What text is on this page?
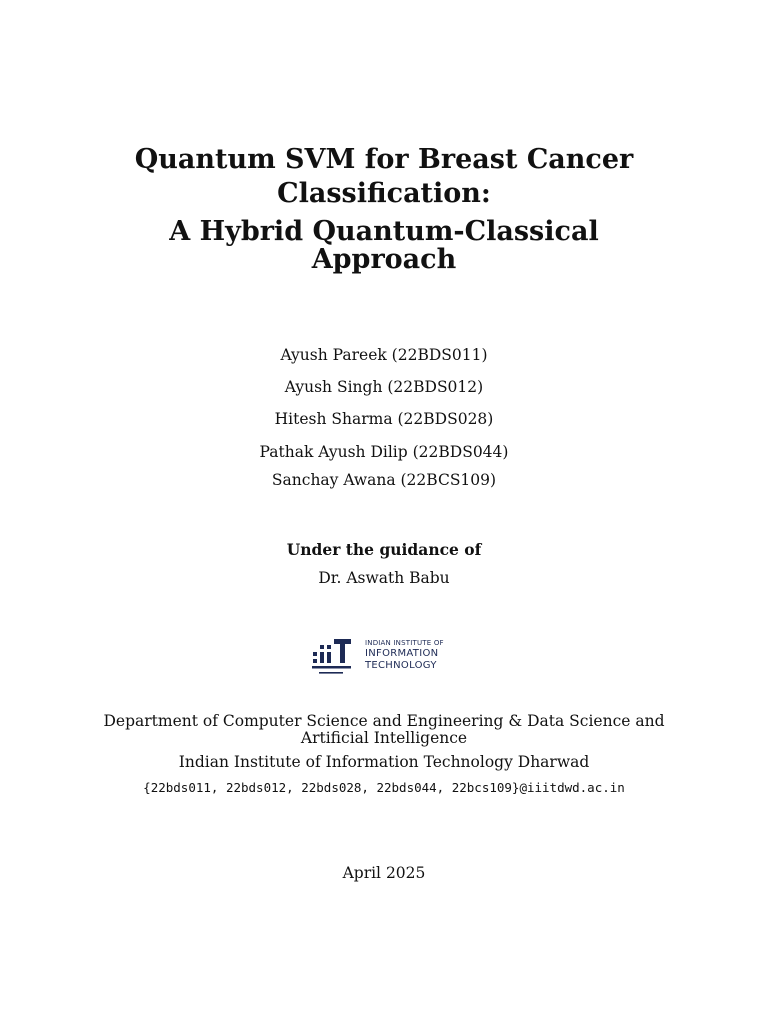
Quantum SVM for Breast Cancer
Classification:
A Hybrid Quantum-Classical
Approach
Ayush Pareek (22BDS011)
Ayush Singh (22BDS012)
Hitesh Sharma (22BDS028)
Pathak Ayush Dilip (22BDS044)
Sanchay Awana (22BCS109)
Under the guidance of
Dr. Aswath Babu
INDIAN INSTITUTE OF
INFORMATION
TECHNOLOGY
Department of Computer Science and Engineering & Data Science and
Artificial Intelligence
Indian Institute of Information Technology Dharwad
{22bds011, 22bds012, 22bds028, 22bds044, 22bcs109}@iiitdwd.ac.in
April 2025
